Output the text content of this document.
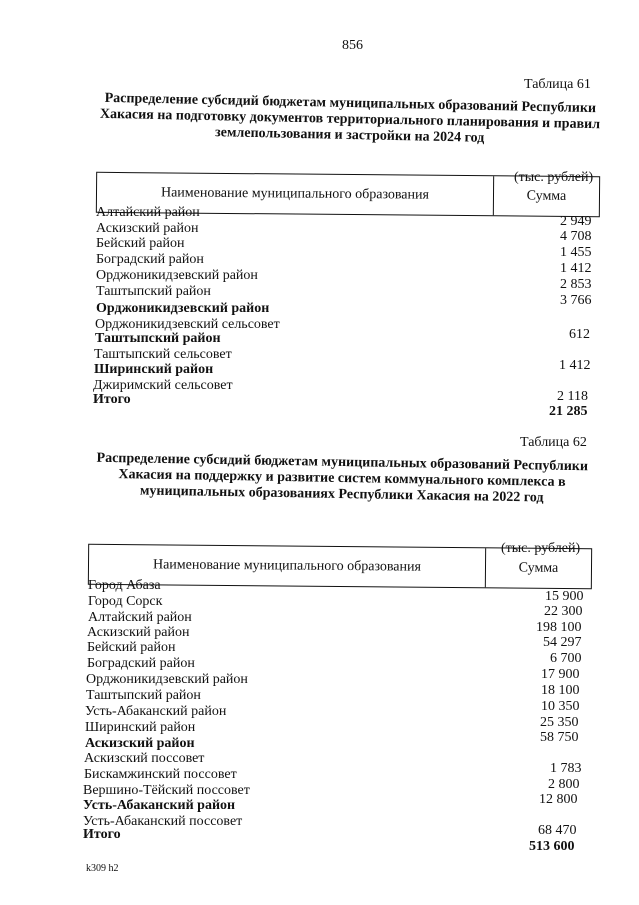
856
Таблица 61

Распределение субсидий бюджетам муниципальных образований Республики Хакасия на подготовку документов территориального планирования и правил землепользования и застройки на 2024 год

(тыс. рублей)
Наименование муниципального образования	Сумма
Алтайский район
Аскизский район
Бейский район
Боградский район
Орджоникидзевский район
Таштыпский район
Орджоникидзевский район
Орджоникидзевский сельсовет
Таштыпский район
Таштыпский сельсовет
Ширинский район
Джиримский сельсовет
Итого
2 949
4 708
1 455
1 412
2 853
3 766
612
1 412
2 118
21 285
Таблица 62

Распределение субсидий бюджетам муниципальных образований Республики Хакасия на поддержку и развитие систем коммунального комплекса в муниципальных образованиях Республики Хакасия на 2022 год

(тыс. рублей)
Наименование муниципального образования	Сумма
Город Абаза
Город Сорск
Алтайский район
Аскизский район
Бейский район
Боградский район
Орджоникидзевский район
Таштыпский район
Усть-Абаканский район
Ширинский район
Аскизский район
Аскизский поссовет
Бискамжинский поссовет
Вершино-Тёйский поссовет
Усть-Абаканский район
Усть-Абаканский поссовет
Итого
15 900
22 300
198 100
54 297
6 700
17 900
18 100
10 350
25 350
58 750
1 783
2 800
12 800
68 470
513 600
k309 h2
